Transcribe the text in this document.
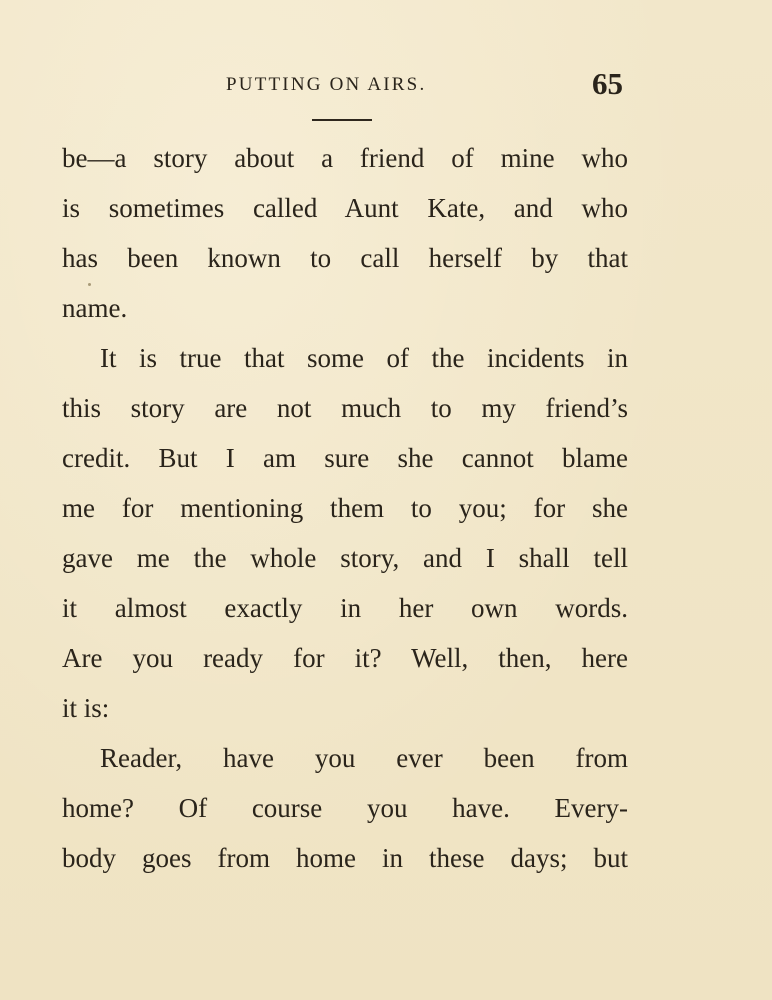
PUTTING ON AIRS.	65
be—a story about a friend of mine who
is sometimes called Aunt Kate, and who
has been known to call herself by that
name.
It is true that some of the incidents in
this story are not much to my friend’s
credit. But I am sure she cannot blame
me for mentioning them to you; for she
gave me the whole story, and I shall tell
it almost exactly in her own words.
Are you ready for it? Well, then, here
it is:
Reader, have you ever been from
home? Of course you have. Every-
body goes from home in these days; but
